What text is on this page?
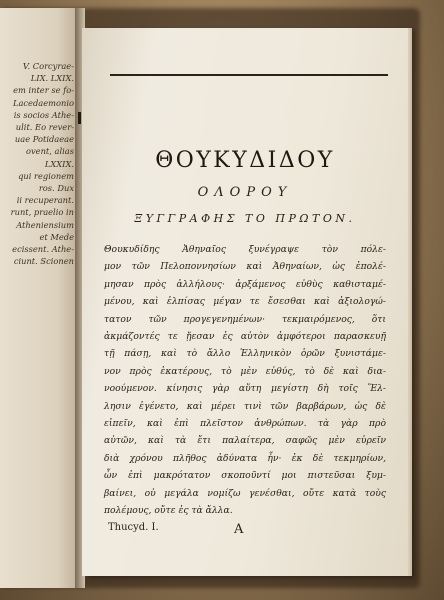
V. Corcyrae-
LIX. LXIX.
em inter se fo-
Lacedaemonio
is socios Athe-
ulit. Eo rever-
uae Potidaeae
ovent, alias
LXXIX.
qui regionem
ros. Dux
ii recuperant.
runt, praelio in
Atheniensium
et Mede
ecissent. Athe-
ciunt. Scionen
ΘΟΥΚΥΔΙΔΟΥ
ΟΛΟΡΟΥ
ΞΥΓΓΡΑΦΗΣ ΤΟ ΠΡΩΤΟΝ.
Θουκυδίδης Ἀθηναῖος ξυνέγραψε τὸν πόλε-
μον τῶν Πελοποννησίων καὶ Ἀθηναίων, ὡς ἐπολέ-
μησαν πρὸς ἀλλήλους· ἀρξάμενος εὐθὺς καθισταμέ-
μένου, καὶ ἐλπίσας μέγαν τε ἔσεσθαι καὶ ἀξιολογώ-
τατον τῶν προγεγενημένων· τεκμαιρόμενος, ὅτι
ἀκμάζοντές τε ᾔεσαν ἐς αὐτὸν ἀμφότεροι παρασκευῇ
τῇ πάσῃ, καὶ τὸ ἄλλο Ἑλληνικὸν ὁρῶν ξυνιστάμε-
νον πρὸς ἑκατέρους, τὸ μὲν εὐθύς, τὸ δὲ καὶ δια-
νοούμενον. κίνησις γὰρ αὕτη μεγίστη δὴ τοῖς Ἕλ-
λησιν ἐγένετο, καὶ μέρει τινὶ τῶν βαρβάρων, ὡς δὲ
εἰπεῖν, καὶ ἐπὶ πλεῖστον ἀνθρώπων. τὰ γὰρ πρὸ
αὐτῶν, καὶ τὰ ἔτι παλαίτερα, σαφῶς μὲν εὑρεῖν
διὰ χρόνου πλῆθος ἀδύνατα ἦν· ἐκ δὲ τεκμηρίων,
ὧν ἐπὶ μακρότατον σκοποῦντί μοι πιστεῦσαι ξυμ-
βαίνει, οὐ μεγάλα νομίζω γενέσθαι, οὔτε κατὰ τοὺς
πολέμους, οὔτε ἐς τὰ ἄλλα.
Thucyd. I.	A
